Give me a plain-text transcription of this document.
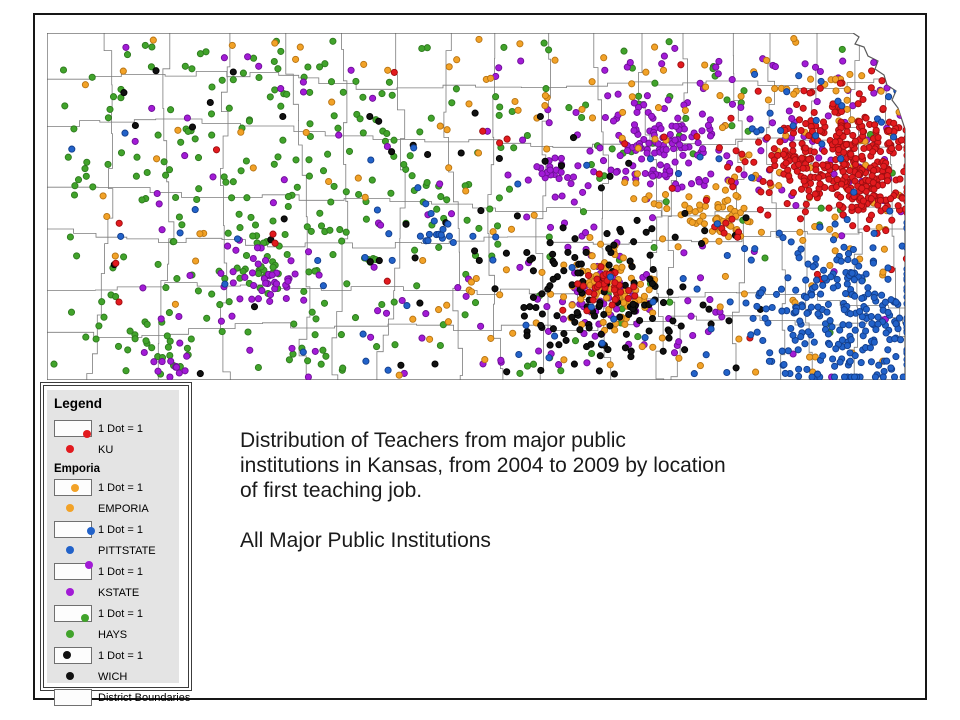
Legend
1 Dot = 1
KU
Emporia
1 Dot = 1
EMPORIA
1 Dot = 1
PITTSTATE
1 Dot = 1
KSTATE
1 Dot = 1
HAYS
1 Dot = 1
WICH
District Boundaries

Distribution of Teachers from major public institutions in Kansas, from 2004 to 2009 by location of first teaching job.

All Major Public Institutions
